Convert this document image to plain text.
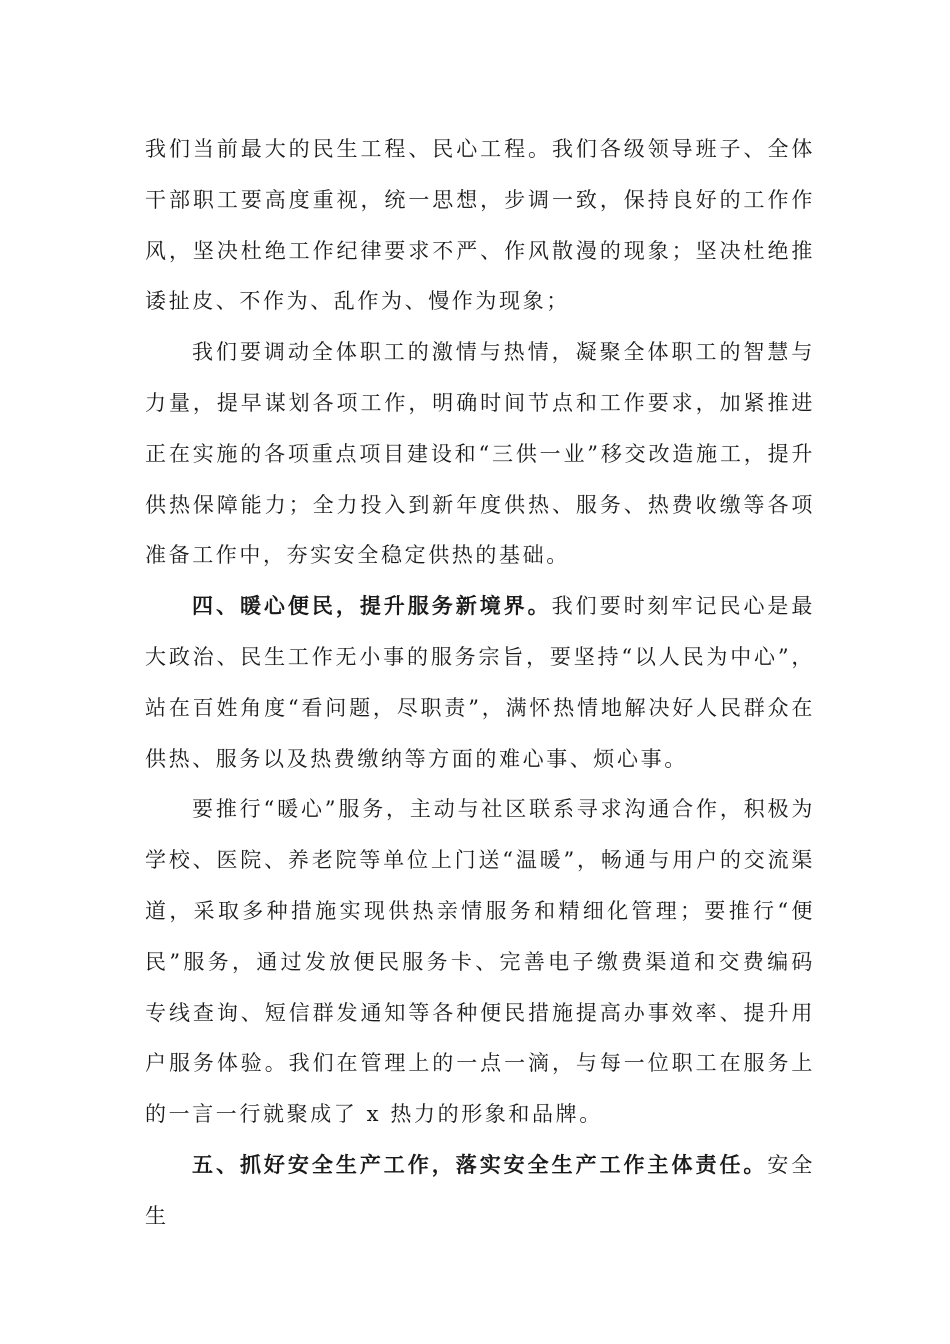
我们当前最大的民生工程、民心工程。我们各级领导班子、全体干部职工要高度重视，统一思想，步调一致，保持良好的工作作风，坚决杜绝工作纪律要求不严、作风散漫的现象；坚决杜绝推诿扯皮、不作为、乱作为、慢作为现象；

我们要调动全体职工的激情与热情，凝聚全体职工的智慧与力量，提早谋划各项工作，明确时间节点和工作要求，加紧推进正在实施的各项重点项目建设和“三供一业”移交改造施工，提升供热保障能力；全力投入到新年度供热、服务、热费收缴等各项准备工作中，夯实安全稳定供热的基础。

四、暖心便民，提升服务新境界。我们要时刻牢记民心是最大政治、民生工作无小事的服务宗旨，要坚持“以人民为中心”，站在百姓角度“看问题，尽职责”，满怀热情地解决好人民群众在供热、服务以及热费缴纳等方面的难心事、烦心事。

要推行“暖心”服务，主动与社区联系寻求沟通合作，积极为学校、医院、养老院等单位上门送“温暖”，畅通与用户的交流渠道，采取多种措施实现供热亲情服务和精细化管理；要推行“便民”服务，通过发放便民服务卡、完善电子缴费渠道和交费编码专线查询、短信群发通知等各种便民措施提高办事效率、提升用户服务体验。我们在管理上的一点一滴，与每一位职工在服务上的一言一行就聚成了 x 热力的形象和品牌。

五、抓好安全生产工作，落实安全生产工作主体责任。安全生
